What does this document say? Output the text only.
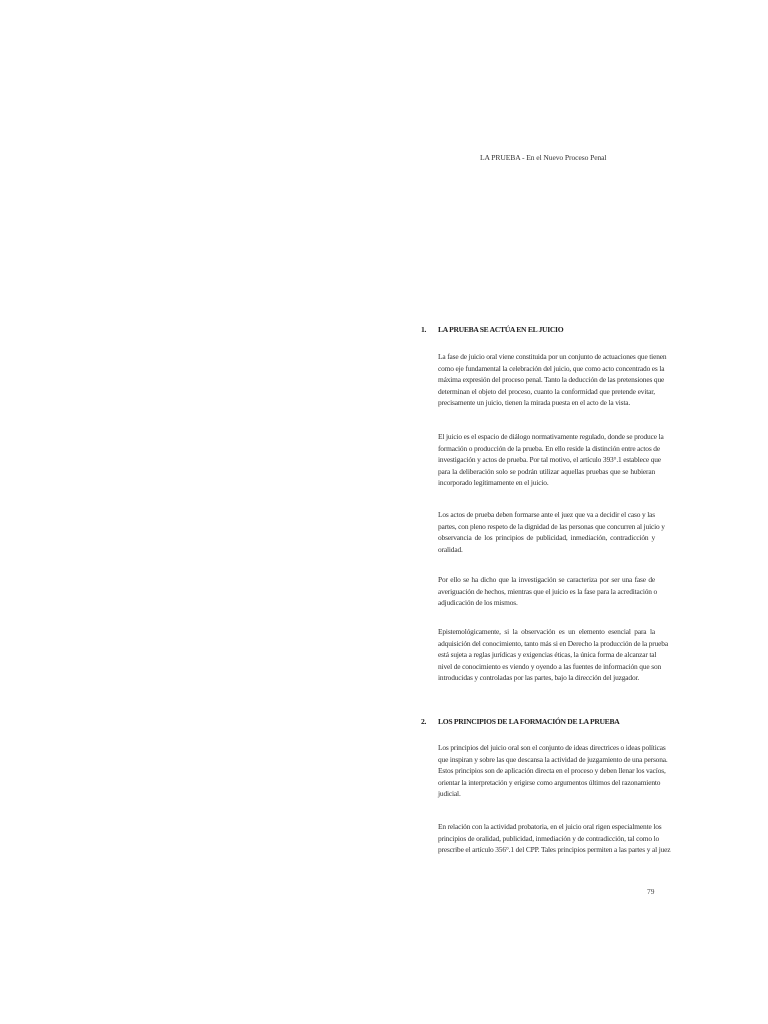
LA PRUEBA - En el Nuevo Proceso Penal
1.	LA PRUEBA SE ACTÚA EN EL JUICIO

La fase de juicio oral viene constituida por un conjunto de actuaciones que tienen
como eje fundamental la celebración del juicio, que como acto concentrado es la
máxima expresión del proceso penal. Tanto la deducción de las pretensiones que
determinan el objeto del proceso, cuanto la conformidad que pretende evitar,
precisamente un juicio, tienen la mirada puesta en el acto de la vista.

El juicio es el espacio de diálogo normativamente regulado, donde se produce la
formación o producción de la prueba. En ello reside la distinción entre actos de
investigación y actos de prueba. Por tal motivo, el artículo 393°.1 establece que
para la deliberación solo se podrán utilizar aquellas pruebas que se hubieran
incorporado legítimamente en el juicio.

Los actos de prueba deben formarse ante el juez que va a decidir el caso y las
partes, con pleno respeto de la dignidad de las personas que concurren al juicio y
observancia de los principios de publicidad, inmediación, contradicción y
oralidad.

Por ello se ha dicho que la investigación se caracteriza por ser una fase de
averiguación de hechos, mientras que el juicio es la fase para la acreditación o
adjudicación de los mismos.

Epistemológicamente, si la observación es un elemento esencial para la
adquisición del conocimiento, tanto más si en Derecho la producción de la prueba
está sujeta a reglas jurídicas y exigencias éticas, la única forma de alcanzar tal
nivel de conocimiento es viendo y oyendo a las fuentes de información que son
introducidas y controladas por las partes, bajo la dirección del juzgador.

2.	LOS PRINCIPIOS DE LA FORMACIÓN DE LA PRUEBA

Los principios del juicio oral son el conjunto de ideas directrices o ideas políticas
que inspiran y sobre las que descansa la actividad de juzgamiento de una persona.
Estos principios son de aplicación directa en el proceso y deben llenar los vacíos,
orientar la interpretación y erigirse como argumentos últimos del razonamiento
judicial.

En relación con la actividad probatoria, en el juicio oral rigen especialmente los
principios de oralidad, publicidad, inmediación y de contradicción, tal como lo
prescribe el artículo 356°.1 del CPP. Tales principios permiten a las partes y al juez

79
